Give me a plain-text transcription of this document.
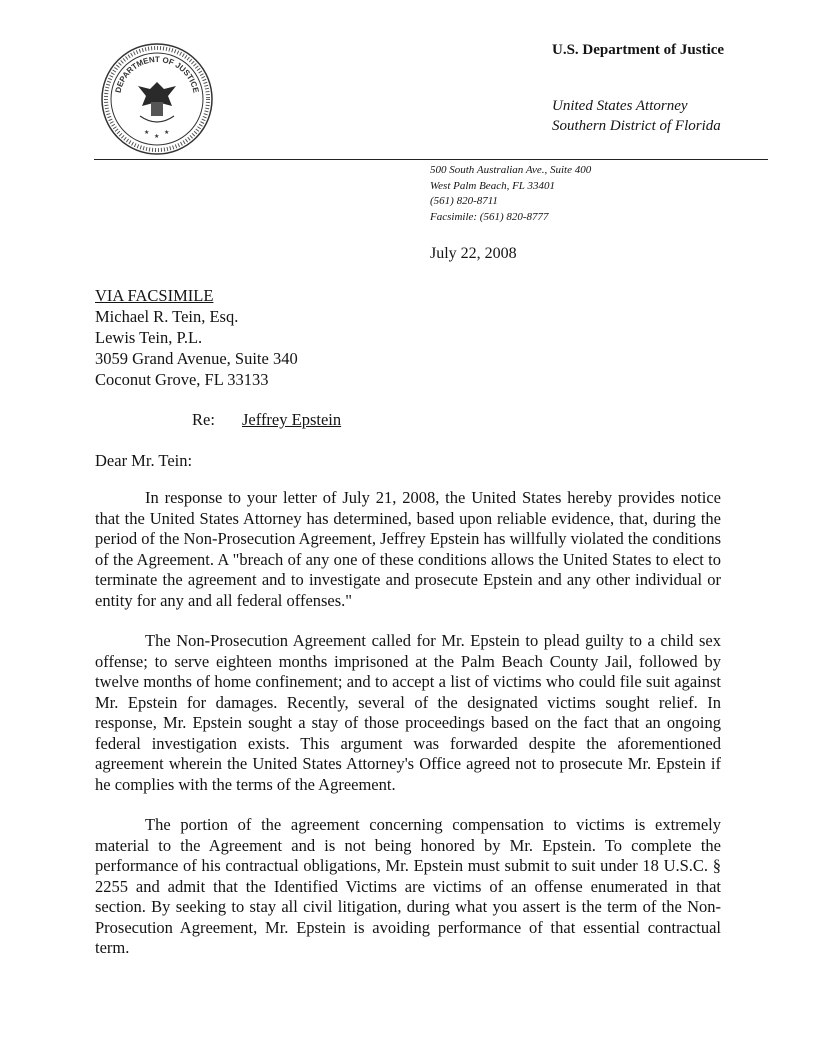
DEPARTMENT OF JUSTICE
★
★
★
U.S. Department of Justice
United States Attorney
Southern District of Florida
500 South Australian Ave., Suite 400
West Palm Beach, FL 33401
(561) 820-8711
Facsimile: (561) 820-8777
July 22, 2008
VIA FACSIMILE
Michael R. Tein, Esq.
Lewis Tein, P.L.
3059 Grand Avenue, Suite 340
Coconut Grove, FL 33133
Re: Jeffrey Epstein
Dear Mr. Tein:

In response to your letter of July 21, 2008, the United States hereby provides notice that the United States Attorney has determined, based upon reliable evidence, that, during the period of the Non-Prosecution Agreement, Jeffrey Epstein has willfully violated the conditions of the Agreement. A "breach of any one of these conditions allows the United States to elect to terminate the agreement and to investigate and prosecute Epstein and any other individual or entity for any and all federal offenses."

The Non-Prosecution Agreement called for Mr. Epstein to plead guilty to a child sex offense; to serve eighteen months imprisoned at the Palm Beach County Jail, followed by twelve months of home confinement; and to accept a list of victims who could file suit against Mr. Epstein for damages. Recently, several of the designated victims sought relief. In response, Mr. Epstein sought a stay of those proceedings based on the fact that an ongoing federal investigation exists. This argument was forwarded despite the aforementioned agreement wherein the United States Attorney's Office agreed not to prosecute Mr. Epstein if he complies with the terms of the Agreement.

The portion of the agreement concerning compensation to victims is extremely material to the Agreement and is not being honored by Mr. Epstein. To complete the performance of his contractual obligations, Mr. Epstein must submit to suit under 18 U.S.C. § 2255 and admit that the Identified Victims are victims of an offense enumerated in that section. By seeking to stay all civil litigation, during what you assert is the term of the Non-Prosecution Agreement, Mr. Epstein is avoiding performance of that essential contractual term.
